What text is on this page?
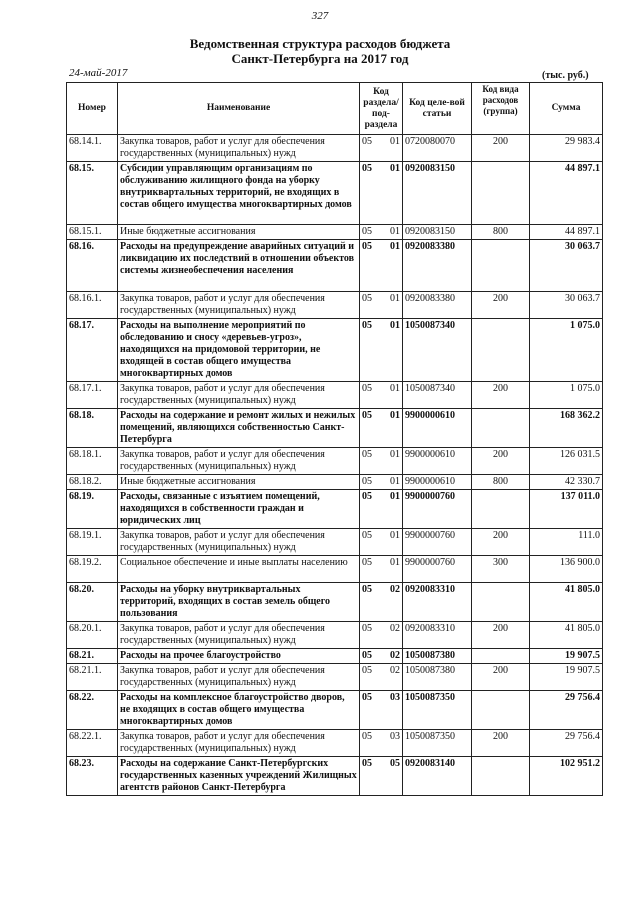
327
Ведомственная структура расходов бюджета
Санкт-Петербурга на 2017 год
24-май-2017	(тыс. руб.)
Номер	Наименование	Код раздела/ под-раздела		Код целе-вой статьи	Код вида расходов (группа)	Сумма
68.14.1.	Закупка товаров, работ и услуг для обеспечения государственных (муниципальных) нужд	05	01	0720080070	200	29 983.4
68.15.	Субсидии управляющим организациям по обслуживанию жилищного фонда на уборку внутриквартальных территорий, не входящих в состав общего имущества многоквартирных домов	05	01	0920083150		44 897.1
68.15.1.	Иные бюджетные ассигнования	05	01	0920083150	800	44 897.1
68.16.	Расходы на предупреждение аварийных ситуаций и ликвидацию их последствий в отношении объектов системы жизнеобеспечения населения	05	01	0920083380		30 063.7
68.16.1.	Закупка товаров, работ и услуг для обеспечения государственных (муниципальных) нужд	05	01	0920083380	200	30 063.7
68.17.	Расходы на выполнение мероприятий по обследованию и сносу «деревьев-угроз», находящихся на придомовой территории, не входящей в состав общего имущества многоквартирных домов	05	01	1050087340		1 075.0
68.17.1.	Закупка товаров, работ и услуг для обеспечения государственных (муниципальных) нужд	05	01	1050087340	200	1 075.0
68.18.	Расходы на содержание и ремонт жилых и нежилых помещений, являющихся собственностью Санкт-Петербурга	05	01	9900000610		168 362.2
68.18.1.	Закупка товаров, работ и услуг для обеспечения государственных (муниципальных) нужд	05	01	9900000610	200	126 031.5
68.18.2.	Иные бюджетные ассигнования	05	01	9900000610	800	42 330.7
68.19.	Расходы, связанные с изъятием помещений, находящихся в собственности граждан и юридических лиц	05	01	9900000760		137 011.0
68.19.1.	Закупка товаров, работ и услуг для обеспечения государственных (муниципальных) нужд	05	01	9900000760	200	111.0
68.19.2.	Социальное обеспечение и иные выплаты населению	05	01	9900000760	300	136 900.0
68.20.	Расходы на уборку внутриквартальных территорий, входящих в состав земель общего пользования	05	02	0920083310		41 805.0
68.20.1.	Закупка товаров, работ и услуг для обеспечения государственных (муниципальных) нужд	05	02	0920083310	200	41 805.0
68.21.	Расходы на прочее благоустройство	05	02	1050087380		19 907.5
68.21.1.	Закупка товаров, работ и услуг для обеспечения государственных (муниципальных) нужд	05	02	1050087380	200	19 907.5
68.22.	Расходы на комплексное благоустройство дворов, не входящих в состав общего имущества многоквартирных домов	05	03	1050087350		29 756.4
68.22.1.	Закупка товаров, работ и услуг для обеспечения государственных (муниципальных) нужд	05	03	1050087350	200	29 756.4
68.23.	Расходы на содержание Санкт-Петербургских государственных казенных учреждений Жилищных агентств районов Санкт-Петербурга	05	05	0920083140		102 951.2
